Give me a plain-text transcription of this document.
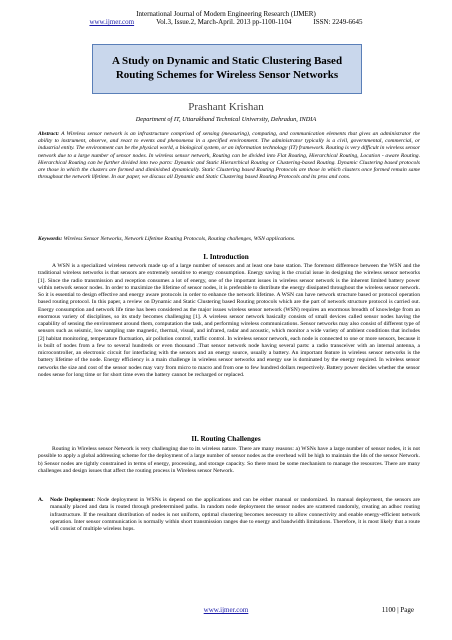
International Journal of Modern Engineering Research (IJMER)
www.ijmer.com	Vol.3, Issue.2, March-April. 2013 pp-1100-1104	ISSN: 2249-6645
A Study on Dynamic and Static Clustering Based
Routing Schemes for Wireless Sensor Networks
Prashant Krishan
Department of IT, Uttarakhand Technical University, Dehradun, INDIA
Abstract: A Wireless sensor network is an infrastructure comprised of sensing (measuring), computing, and communication elements that gives an administrator the ability to instrument, observe, and react to events and phenomena in a specified environment. The administrator typically is a civil, governmental, commercial, or industrial entity. The environment can be the physical world, a biological system, or an information technology (IT) framework. Routing is very difficult in wireless sensor network due to a large number of sensor nodes. In wireless sensor network, Routing can be divided into Flat Routing, Hierarchical Routing, Location - aware Routing. Hierarchical Routing can be further divided into two parts: Dynamic and Static Hierarchical Routing or Clustering-based Routing. Dynamic Clustering based protocols are those in which the clusters are formed and diminished dynamically. Static Clustering based Routing Protocols are those in which clusters once formed remain same throughout the network lifetime. In our paper, we discuss all Dynamic and Static Clustering based Routing Protocols and its pros and cons.
Keywords: Wireless Sensor Networks, Network Lifetime Routing Protocols, Routing challenges, WSN applications.
I. Introduction

A WSN is a specialized wireless network made up of a large number of sensors and at least one base station. The foremost difference between the WSN and the traditional wireless networks is that sensors are extremely sensitive to energy consumption. Energy saving is the crucial issue in designing the wireless sensor networks [1]. Since the radio transmission and reception consumes a lot of energy, one of the important issues in wireless sensor network is the inherent limited battery power within network sensor nodes. In order to maximize the lifetime of sensor nodes, it is preferable to distribute the energy dissipated throughout the wireless sensor network. So it is essential to design effective and energy aware protocols in order to enhance the network lifetime. A WSN can have network structure based or protocol operation based routing protocol. In this paper, a review on Dynamic and Static Clustering based Routing protocols which are the part of network structure protocol is carried out. Energy consumption and network life time has been considered as the major issues wireless sensor network (WSN) requires an enormous breadth of knowledge from an enormous variety of disciplines, so its study becomes challenging [1]. A wireless sensor network basically consists of small devices called sensor nodes having the capability of sensing the environment around them, computation the task, and performing wireless communications. Sensor networks may also consist of different type of sensors such as seismic, low sampling rate magnetic, thermal, visual, and infrared, radar and acoustic, which monitor a wide variety of ambient conditions that includes [2] habitat monitoring, temperature fluctuation, air pollution control, traffic control. In wireless sensor network, each node is connected to one or more sensors, because it is built of nodes from a few to several hundreds or even thousand .That sensor network node having several parts: a radio transceiver with an internal antenna, a microcontroller, an electronic circuit for interfacing with the sensors and an energy source, usually a battery. An important feature in wireless sensor networks is the battery lifetime of the node. Energy efficiency is a main challenge in wireless sensor networks and energy use is dominated by the energy required. In wireless sensor networks the size and cost of the sensor nodes may vary from micro to macro and from one to few hundred dollars respectively. Battery power decides whether the sensor nodes sense for long time or for short time even the battery cannot be recharged or replaced.

II. Routing Challenges

Routing in Wireless sensor Network is very challenging due to its wireless nature. There are many reasons: a) WSNs have a large number of sensor nodes, it is not possible to apply a global addressing scheme for the deployment of a large number of sensor nodes as the overhead will be high to maintain the Ids of the sensor Network. b) Sensor nodes are tightly constrained in terms of energy, processing, and storage capacity. So there must be some mechanism to manage the resources. There are many challenges and design issues that affect the routing process in Wireless sensor Network.

A. Node Deployment: Node deployment in WSNs is depend on the applications and can be either manual or randomized. In manual deployment, the sensors are manually placed and data is routed through predetermined paths. In random node deployment the sensor nodes are scattered randomly, creating an adhoc routing infrastructure. If the resultant distribution of nodes is not uniform, optimal clustering becomes necessary to allow connectivity and enable energy-efficient network operation. Inter sensor communication is normally within short transmission ranges due to energy and bandwidth limitations. Therefore, it is most likely that a route will consist of multiple wireless hops.
www.ijmer.com	1100 | Page
